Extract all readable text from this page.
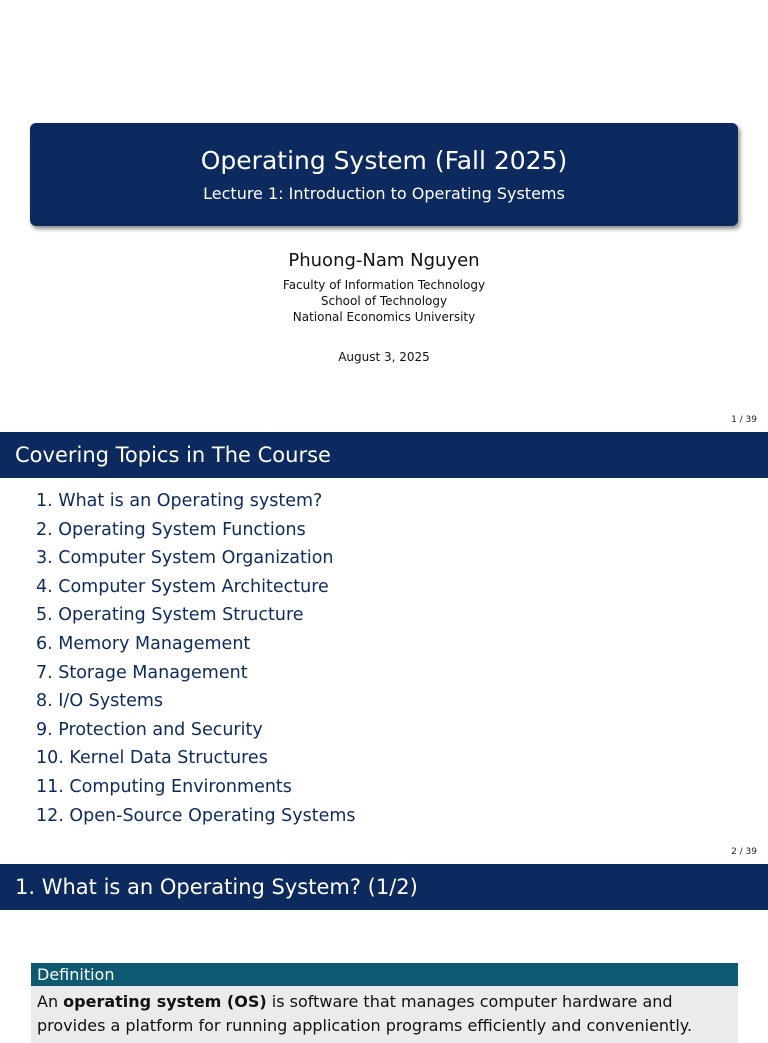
Operating System (Fall 2025)
Lecture 1: Introduction to Operating Systems
Phuong-Nam Nguyen
Faculty of Information Technology
School of Technology
National Economics University
August 3, 2025
1 / 39
Covering Topics in The Course
1. What is an Operating system?
2. Operating System Functions
3. Computer System Organization
4. Computer System Architecture
5. Operating System Structure
6. Memory Management
7. Storage Management
8. I/O Systems
9. Protection and Security
10. Kernel Data Structures
11. Computing Environments
12. Open-Source Operating Systems
2 / 39
1. What is an Operating System? (1/2)
Definition
An operating system (OS) is software that manages computer hardware and provides a platform for running application programs efficiently and conveniently.
